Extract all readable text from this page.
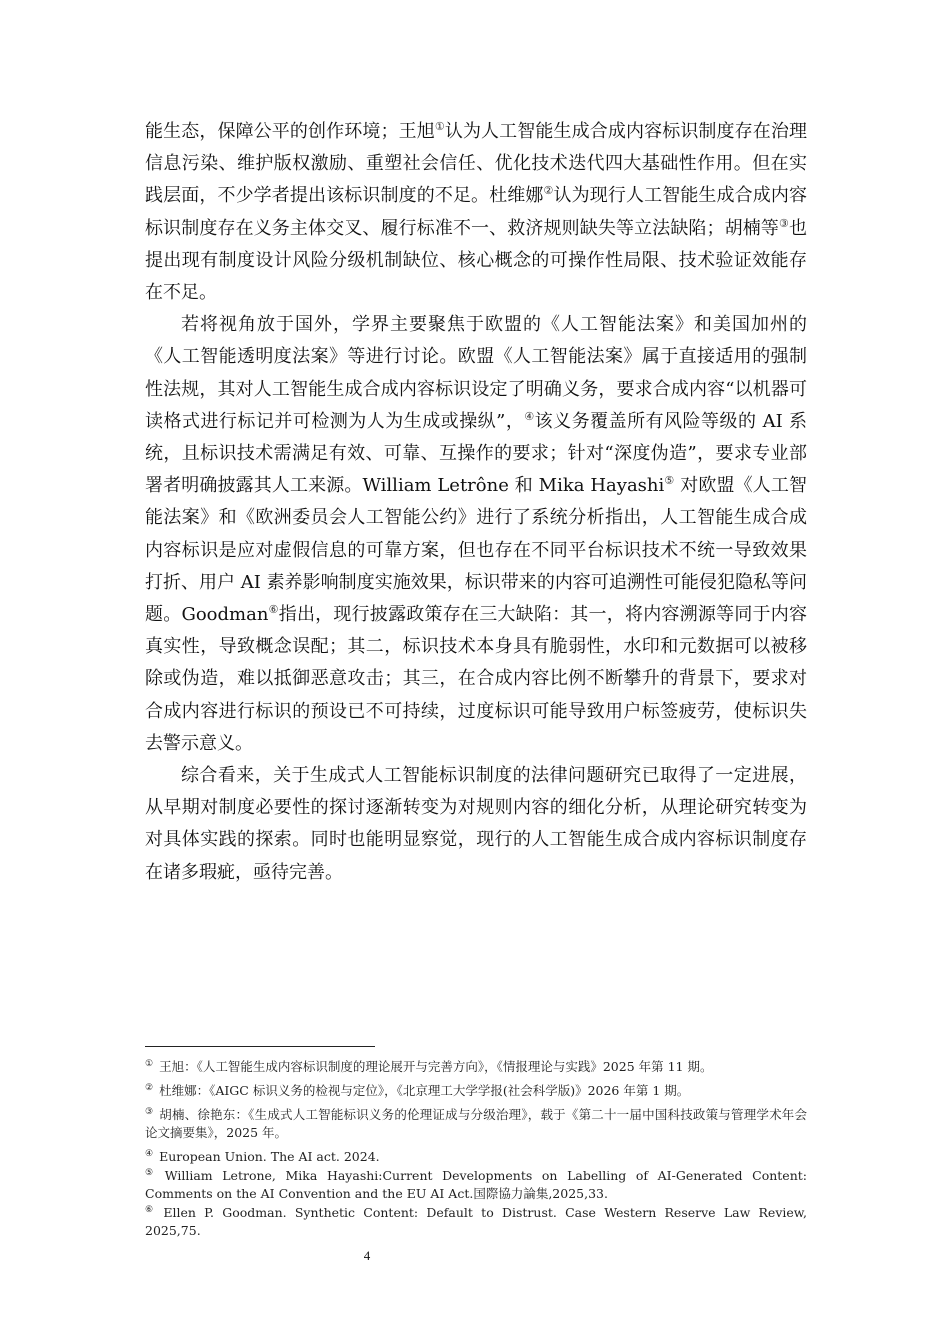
能生态，保障公平的创作环境；王旭①认为人工智能生成合成内容标识制度存在治理信息污染、维护版权激励、重塑社会信任、优化技术迭代四大基础性作用。但在实践层面，不少学者提出该标识制度的不足。杜维娜②认为现行人工智能生成合成内容标识制度存在义务主体交叉、履行标准不一、救济规则缺失等立法缺陷；胡楠等③也提出现有制度设计风险分级机制缺位、核心概念的可操作性局限、技术验证效能存在不足。

若将视角放于国外，学界主要聚焦于欧盟的《人工智能法案》和美国加州的《人工智能透明度法案》等进行讨论。欧盟《人工智能法案》属于直接适用的强制性法规，其对人工智能生成合成内容标识设定了明确义务，要求合成内容“以机器可读格式进行标记并可检测为人为生成或操纵”，④该义务覆盖所有风险等级的 AI 系统，且标识技术需满足有效、可靠、互操作的要求；针对“深度伪造”，要求专业部署者明确披露其人工来源。William Letrône 和 Mika Hayashi⑤ 对欧盟《人工智能法案》和《欧洲委员会人工智能公约》进行了系统分析指出，人工智能生成合成内容标识是应对虚假信息的可靠方案，但也存在不同平台标识技术不统一导致效果打折、用户 AI 素养影响制度实施效果，标识带来的内容可追溯性可能侵犯隐私等问题。Goodman⑥指出，现行披露政策存在三大缺陷：其一，将内容溯源等同于内容真实性，导致概念误配；其二，标识技术本身具有脆弱性，水印和元数据可以被移除或伪造，难以抵御恶意攻击；其三，在合成内容比例不断攀升的背景下，要求对合成内容进行标识的预设已不可持续，过度标识可能导致用户标签疲劳，使标识失去警示意义。

综合看来，关于生成式人工智能标识制度的法律问题研究已取得了一定进展，从早期对制度必要性的探讨逐渐转变为对规则内容的细化分析，从理论研究转变为对具体实践的探索。同时也能明显察觉，现行的人工智能生成合成内容标识制度存在诸多瑕疵，亟待完善。

① 王旭：《人工智能生成内容标识制度的理论展开与完善方向》，《情报理论与实践》2025 年第 11 期。

② 杜维娜：《AIGC 标识义务的检视与定位》，《北京理工大学学报(社会科学版)》2026 年第 1 期。

③ 胡楠、徐艳东：《生成式人工智能标识义务的伦理证成与分级治理》，载于《第二十一届中国科技政策与管理学术年会论文摘要集》，2025 年。

④ European Union. The AI act. 2024.

⑤ William Letrone, Mika Hayashi:Current Developments on Labelling of AI-Generated Content: Comments on the AI Convention and the EU AI Act.国際協力論集,2025,33.

⑥ Ellen P. Goodman. Synthetic Content: Default to Distrust. Case Western Reserve Law Review, 2025,75.

4
